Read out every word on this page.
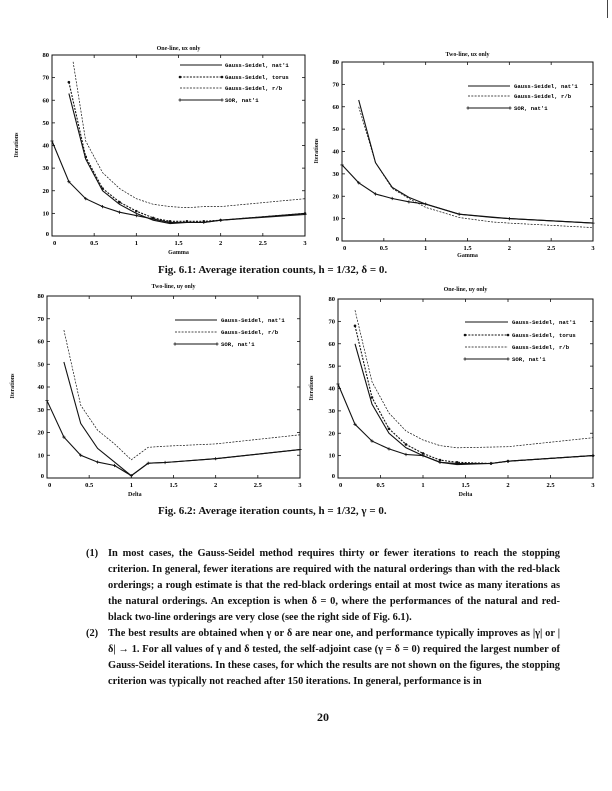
One-line, ux only
0	0.5	1	1.5	2	2.5	3
0
10
20
30
40
50
60
70
80
Gauss-Seidel, nat'1
Gauss-Seidel, torus
Gauss-Seidel, r/b
SOR, nat'1
Gamma
Iterations
Two-line, ux only
0	0.5	1	1.5	2	2.5	3
0
10
20
30
40
50
60
70
80
Gauss-Seidel, nat'1
Gauss-Seidel, r/b
SOR, nat'1
Gamma
Iterations
Fig. 6.1: Average iteration counts, h = 1/32, δ = 0.
Two-line, uy only
0	0.5	1	1.5	2	2.5	3
0
10
20
30
40
50
60
70
80
Gauss-Seidel, nat'1
Gauss-Seidel, r/b
SOR, nat'1
Delta
Iterations
One-line, uy only
0	0.5	1	1.5	2	2.5	3
0
10
20
30
40
50
60
70
80
Gauss-Seidel, nat'1
Gauss-Seidel, torus
Gauss-Seidel, r/b
SOR, nat'1
Delta
Iterations
Fig. 6.2: Average iteration counts, h = 1/32, γ = 0.
(1) In most cases, the Gauss-Seidel method requires thirty or fewer iterations to reach the stopping criterion. In general, fewer iterations are required with the natural orderings than with the red-black orderings; a rough estimate is that the red-black orderings entail at most twice as many iterations as the natural orderings. An exception is when δ = 0, where the performances of the natural and red-black two-line orderings are very close (see the right side of Fig. 6.1).
(2) The best results are obtained when γ or δ are near one, and performance typically improves as |γ| or |δ| → 1. For all values of γ and δ tested, the self-adjoint case (γ = δ = 0) required the largest number of Gauss-Seidel iterations. In these cases, for which the results are not shown on the figures, the stopping criterion was typically not reached after 150 iterations. In general, performance is in
20
